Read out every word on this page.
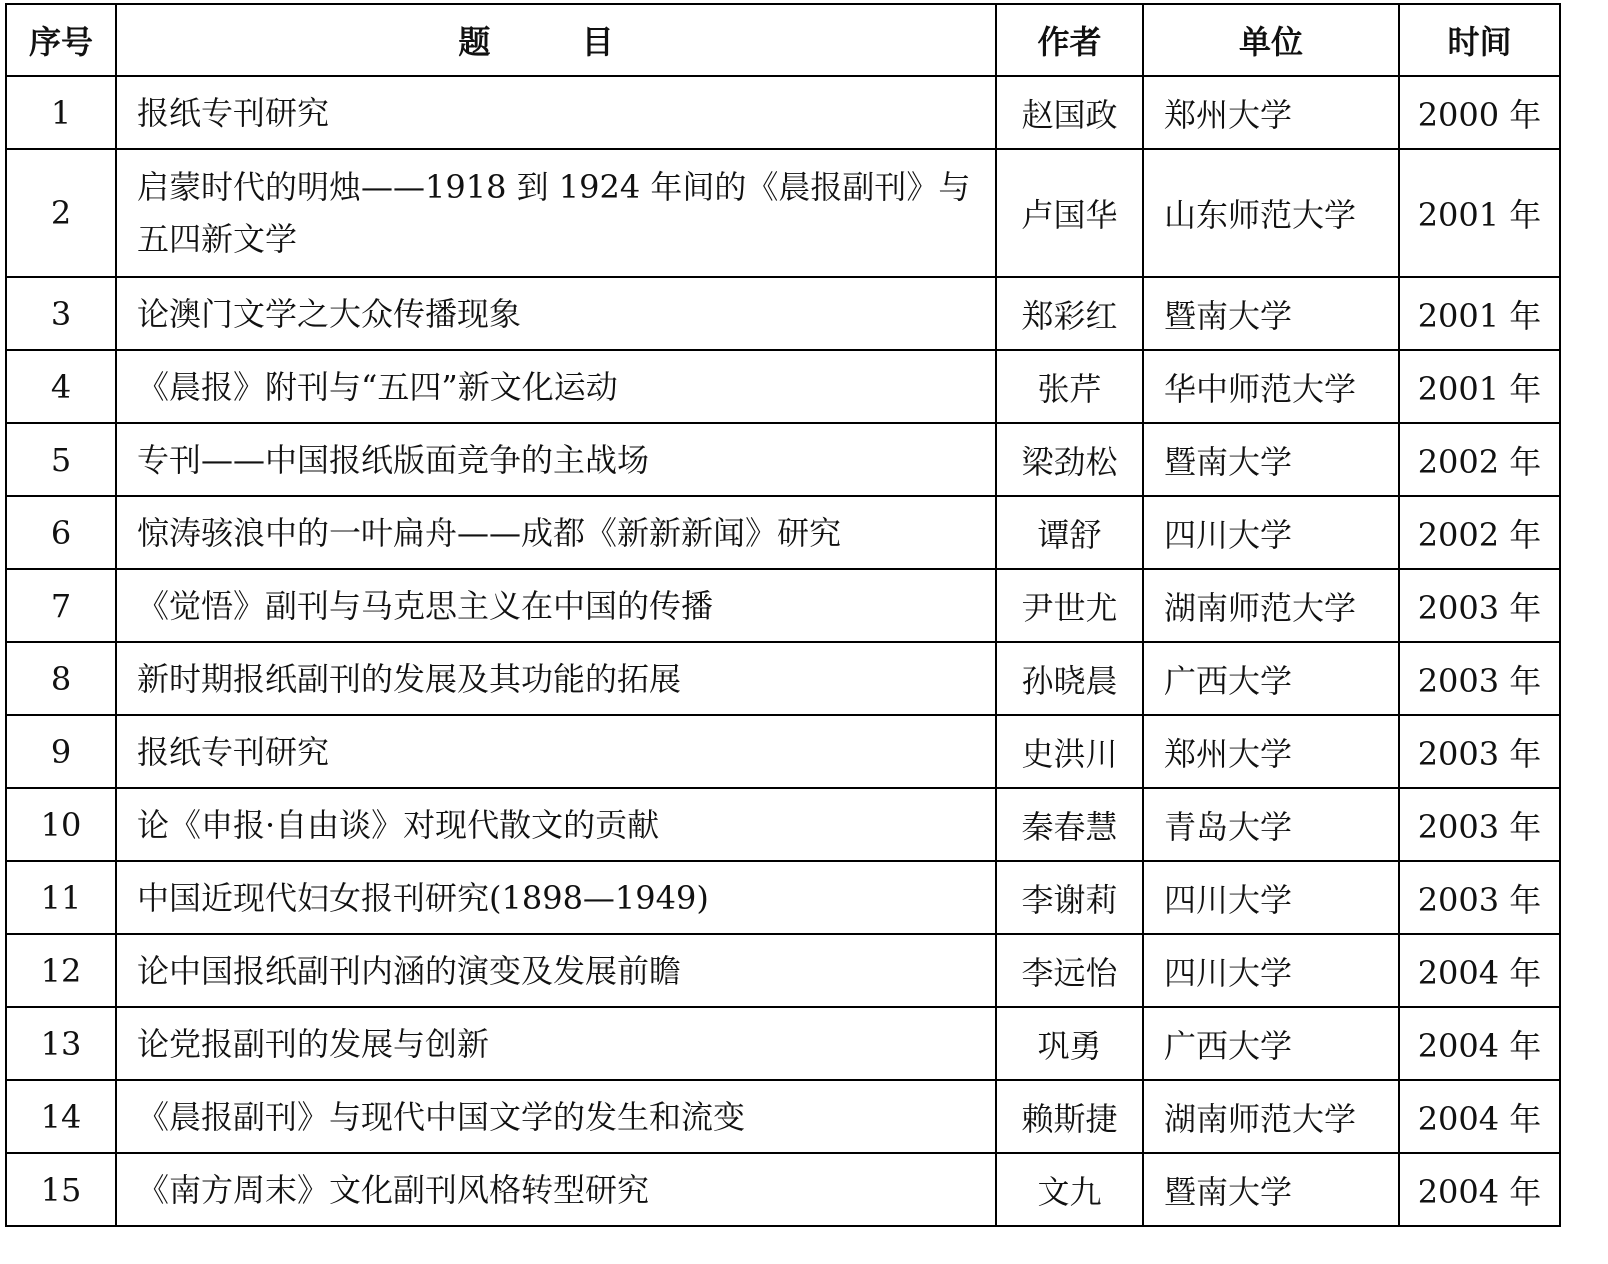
序号	题 目	作者	单位	时间
1	报纸专刊研究	赵国政	郑州大学	2000 年
2	启蒙时代的明烛——1918 到 1924 年间的《晨报副刊》与五四新文学	卢国华	山东师范大学	2001 年
3	论澳门文学之大众传播现象	郑彩红	暨南大学	2001 年
4	《晨报》附刊与“五四”新文化运动	张芹	华中师范大学	2001 年
5	专刊——中国报纸版面竞争的主战场	梁劲松	暨南大学	2002 年
6	惊涛骇浪中的一叶扁舟——成都《新新新闻》研究	谭舒	四川大学	2002 年
7	《觉悟》副刊与马克思主义在中国的传播	尹世尤	湖南师范大学	2003 年
8	新时期报纸副刊的发展及其功能的拓展	孙晓晨	广西大学	2003 年
9	报纸专刊研究	史洪川	郑州大学	2003 年
10	论《申报·自由谈》对现代散文的贡献	秦春慧	青岛大学	2003 年
11	中国近现代妇女报刊研究(1898—1949)	李谢莉	四川大学	2003 年
12	论中国报纸副刊内涵的演变及发展前瞻	李远怡	四川大学	2004 年
13	论党报副刊的发展与创新	巩勇	广西大学	2004 年
14	《晨报副刊》与现代中国文学的发生和流变	赖斯捷	湖南师范大学	2004 年
15	《南方周末》文化副刊风格转型研究	文九	暨南大学	2004 年
